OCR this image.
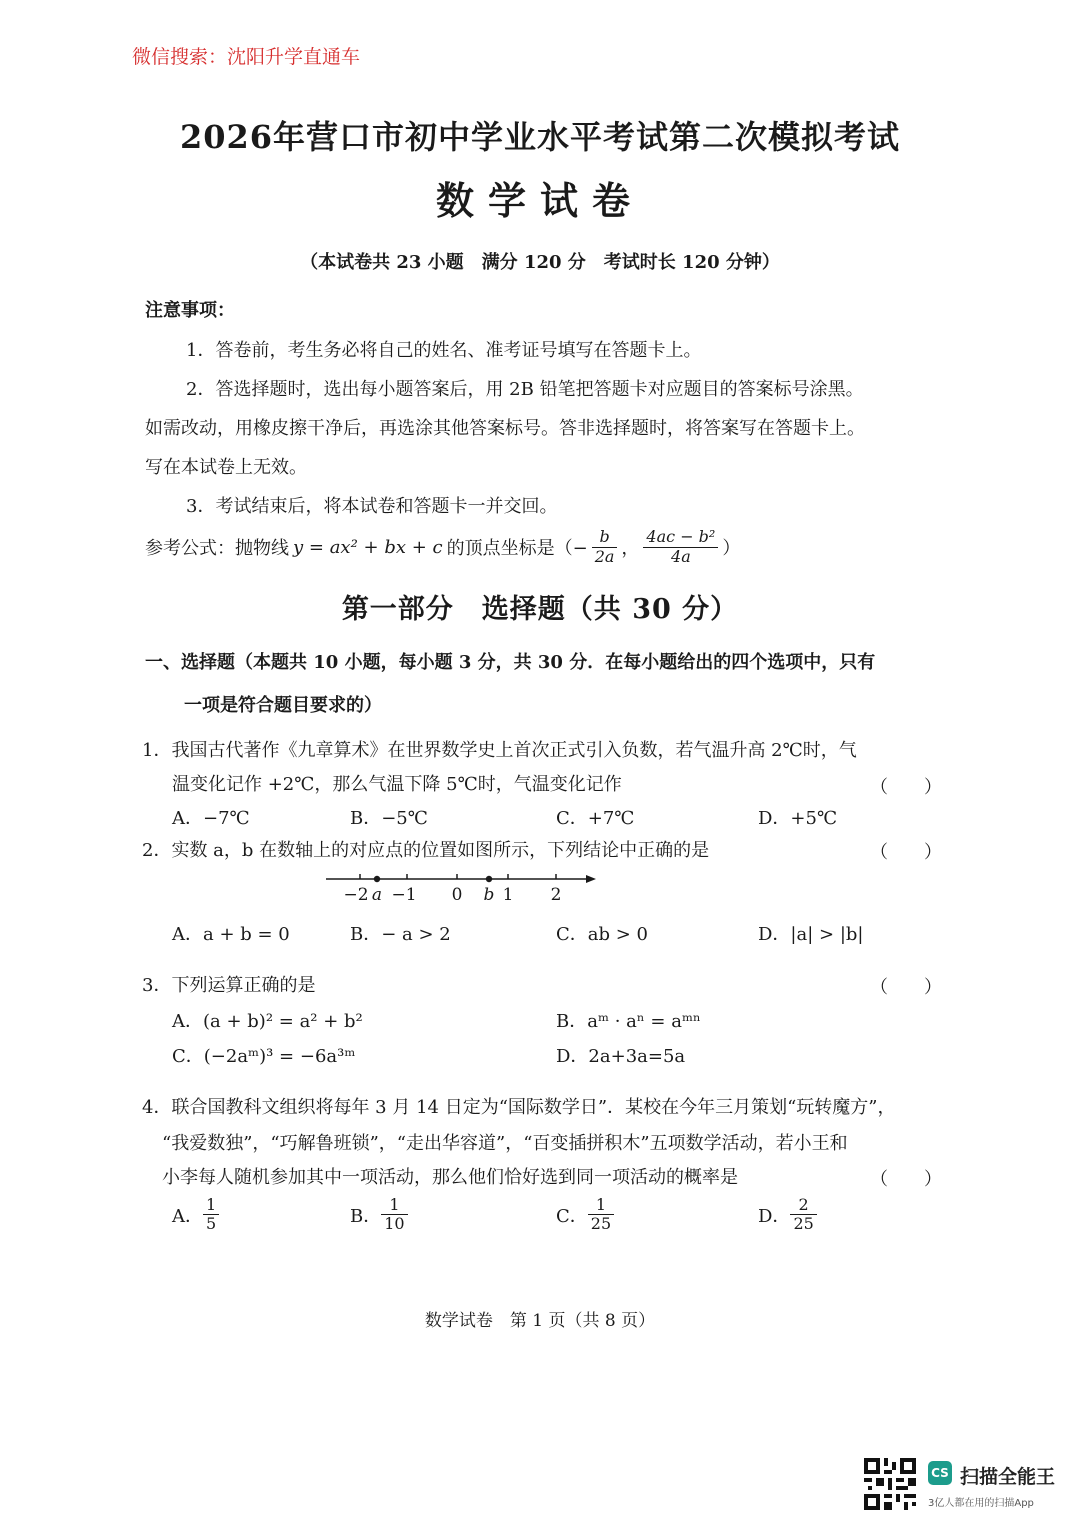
微信搜索：沈阳升学直通车
2026年营口市初中学业水平考试第二次模拟考试
数学试卷
（本试卷共 23 小题　满分 120 分　考试时长 120 分钟）
注意事项：
1．答卷前，考生务必将自己的姓名、准考证号填写在答题卡上。
2．答选择题时，选出每小题答案后，用 2B 铅笔把答题卡对应题目的答案标号涂黑。
如需改动，用橡皮擦干净后，再选涂其他答案标号。答非选择题时，将答案写在答题卡上。
写在本试卷上无效。
3．考试结束后，将本试卷和答题卡一并交回。
参考公式：抛物线 y = ax² + bx + c 的顶点坐标是（− $\frac{b}{2a}$ ， $\frac{\text{4ac − b²}}{4a}$ ）
第一部分　选择题（共 30 分）
一、选择题（本题共 10 小题，每小题 3 分，共 30 分．在每小题给出的四个选项中，只有
一项是符合题目要求的）
1．我国古代著作《九章算术》在世界数学史上首次正式引入负数，若气温升高 2℃时，气
温变化记作 +2℃，那么气温下降 5℃时，气温变化记作	（　　）
A．−7℃	B．−5℃	C．+7℃	D．+5℃
2．实数 a，b 在数轴上的对应点的位置如图所示，下列结论中正确的是	（　　）
−2 −1 0 1 2
a	b
A．a + b = 0	B．− a > 2	C．ab > 0	D．|a| > |b|
3．下列运算正确的是	（　　）
A．(a + b)² = a² + b²	B．aᵐ · aⁿ = aᵐⁿ
C．(−2aᵐ)³ = −6a³ᵐ	D．2a+3a=5a
4．联合国教科文组织将每年 3 月 14 日定为“国际数学日”．某校在今年三月策划“玩转魔方”，
“我爱数独”，“巧解鲁班锁”，“走出华容道”，“百变插拼积木”五项数学活动，若小王和
小李每人随机参加其中一项活动，那么他们恰好选到同一项活动的概率是	（　　）
A． $\frac{1}{5}$	B． $\frac{1}{10}$	C． $\frac{1}{25}$	D． $\frac{2}{25}$
数学试卷　第 1 页（共 8 页）
CS 扫描全能王
3亿人都在用的扫描App
